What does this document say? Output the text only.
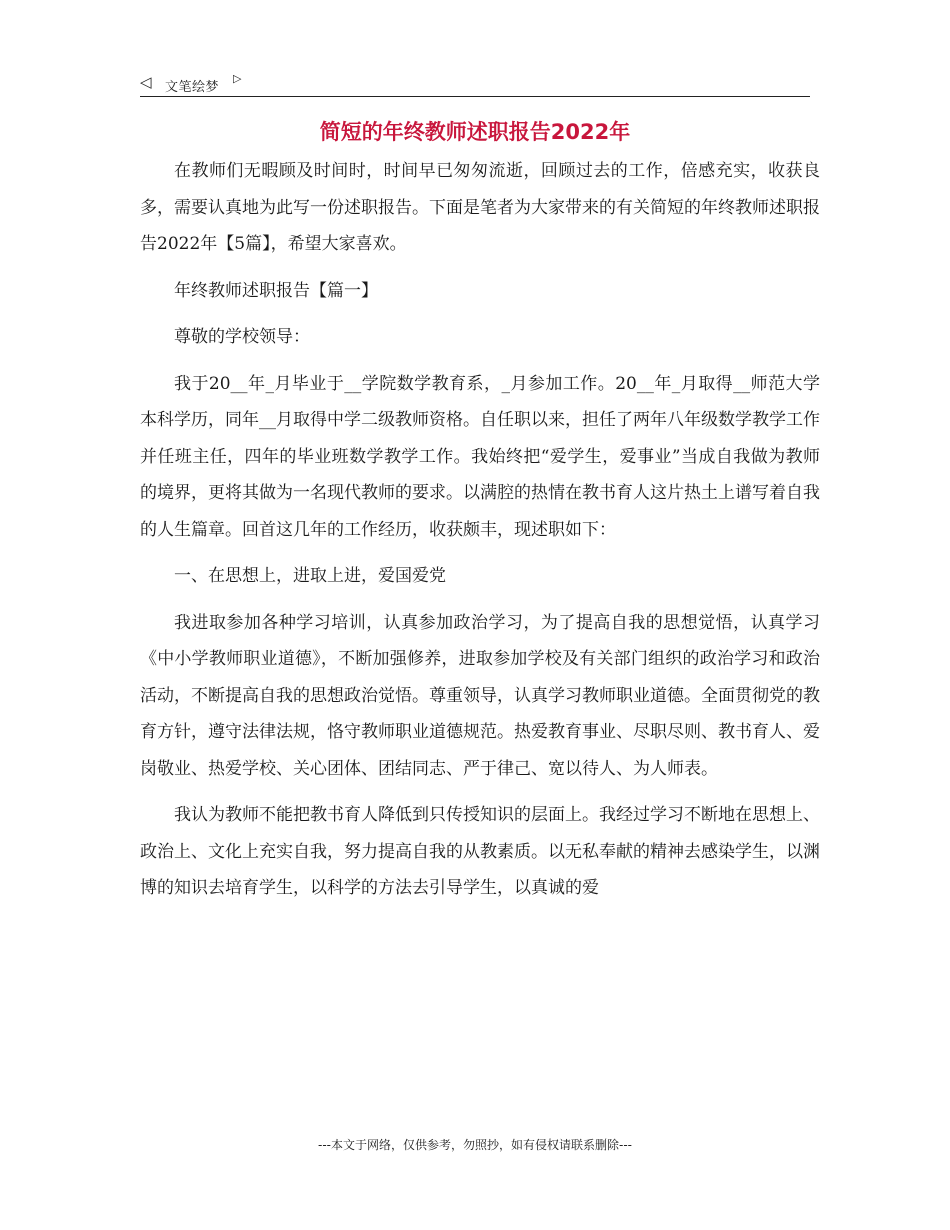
◁ 文笔绘梦
▷
简短的年终教师述职报告2022年

在教师们无暇顾及时间时，时间早已匆匆流逝，回顾过去的工作，倍感充实，收获良多，需要认真地为此写一份述职报告。下面是笔者为大家带来的有关简短的年终教师述职报告2022年【5篇】，希望大家喜欢。

年终教师述职报告【篇一】

尊敬的学校领导：

我于20__年_月毕业于__学院数学教育系，_月参加工作。20__年_月取得__师范大学本科学历，同年__月取得中学二级教师资格。自任职以来，担任了两年八年级数学教学工作并任班主任，四年的毕业班数学教学工作。我始终把“爱学生，爱事业”当成自我做为教师的境界，更将其做为一名现代教师的要求。以满腔的热情在教书育人这片热土上谱写着自我的人生篇章。回首这几年的工作经历，收获颇丰，现述职如下：

一、在思想上，进取上进，爱国爱党

我进取参加各种学习培训，认真参加政治学习，为了提高自我的思想觉悟，认真学习《中小学教师职业道德》，不断加强修养，进取参加学校及有关部门组织的政治学习和政治活动，不断提高自我的思想政治觉悟。尊重领导，认真学习教师职业道德。全面贯彻党的教育方针，遵守法律法规，恪守教师职业道德规范。热爱教育事业、尽职尽则、教书育人、爱岗敬业、热爱学校、关心团体、团结同志、严于律己、宽以待人、为人师表。

我认为教师不能把教书育人降低到只传授知识的层面上。我经过学习不断地在思想上、政治上、文化上充实自我，努力提高自我的从教素质。以无私奉献的精神去感染学生，以渊博的知识去培育学生，以科学的方法去引导学生，以真诚的爱

---本文于网络，仅供参考，勿照抄，如有侵权请联系删除---
